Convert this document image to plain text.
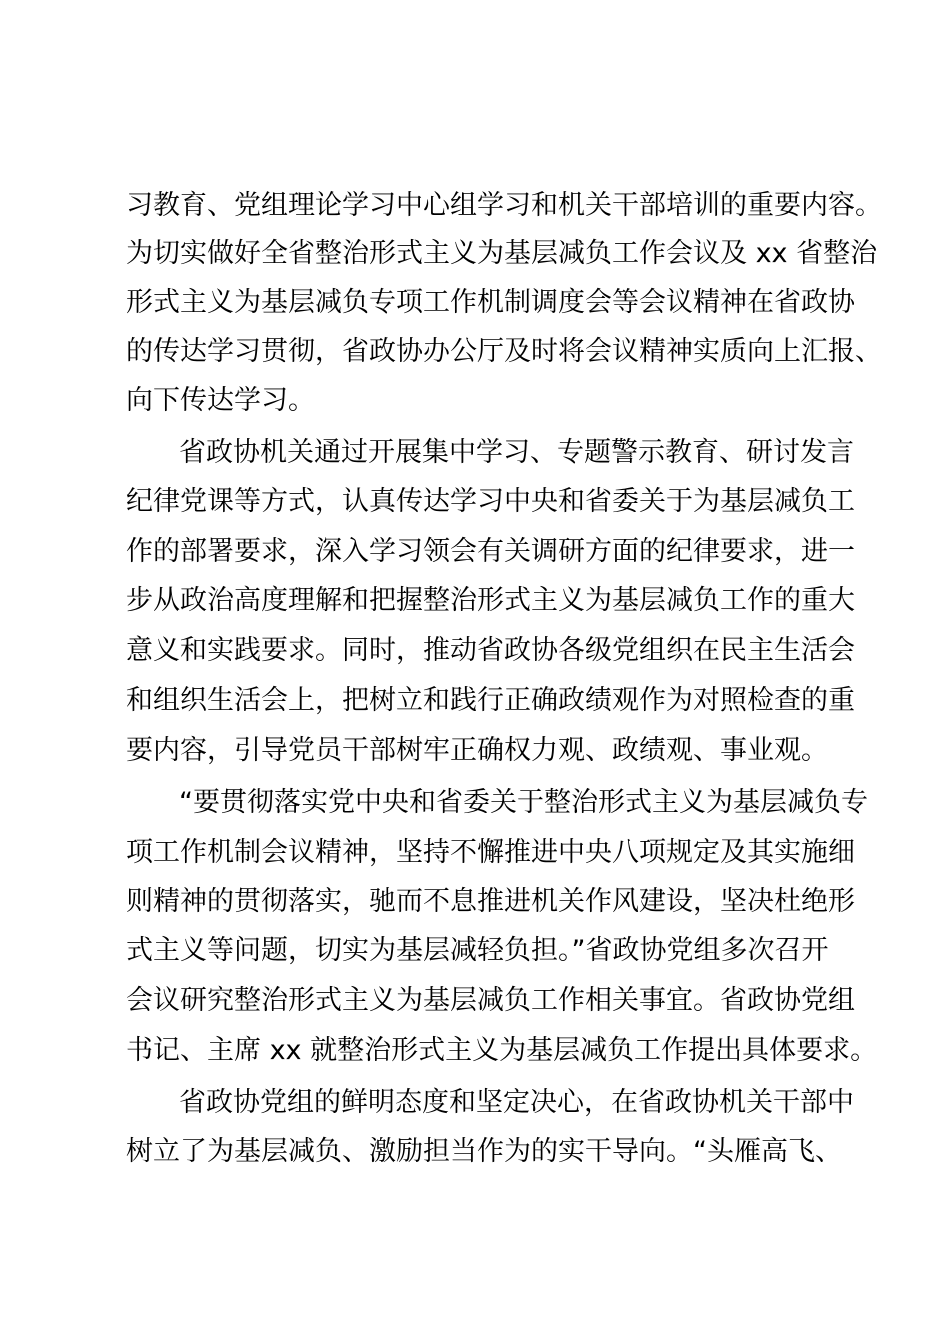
习教育、党组理论学习中心组学习和机关干部培训的重要内容。
为切实做好全省整治形式主义为基层减负工作会议及 xx 省整治
形式主义为基层减负专项工作机制调度会等会议精神在省政协
的传达学习贯彻，省政协办公厅及时将会议精神实质向上汇报、
向下传达学习。
省政协机关通过开展集中学习、专题警示教育、研讨发言
纪律党课等方式，认真传达学习中央和省委关于为基层减负工
作的部署要求，深入学习领会有关调研方面的纪律要求，进一
步从政治高度理解和把握整治形式主义为基层减负工作的重大
意义和实践要求。同时，推动省政协各级党组织在民主生活会
和组织生活会上，把树立和践行正确政绩观作为对照检查的重
要内容，引导党员干部树牢正确权力观、政绩观、事业观。
“要贯彻落实党中央和省委关于整治形式主义为基层减负专
项工作机制会议精神，坚持不懈推进中央八项规定及其实施细
则精神的贯彻落实，驰而不息推进机关作风建设，坚决杜绝形
式主义等问题，切实为基层减轻负担。”省政协党组多次召开
会议研究整治形式主义为基层减负工作相关事宜。省政协党组
书记、主席 xx 就整治形式主义为基层减负工作提出具体要求。
省政协党组的鲜明态度和坚定决心，在省政协机关干部中
树立了为基层减负、激励担当作为的实干导向。“头雁高飞、
